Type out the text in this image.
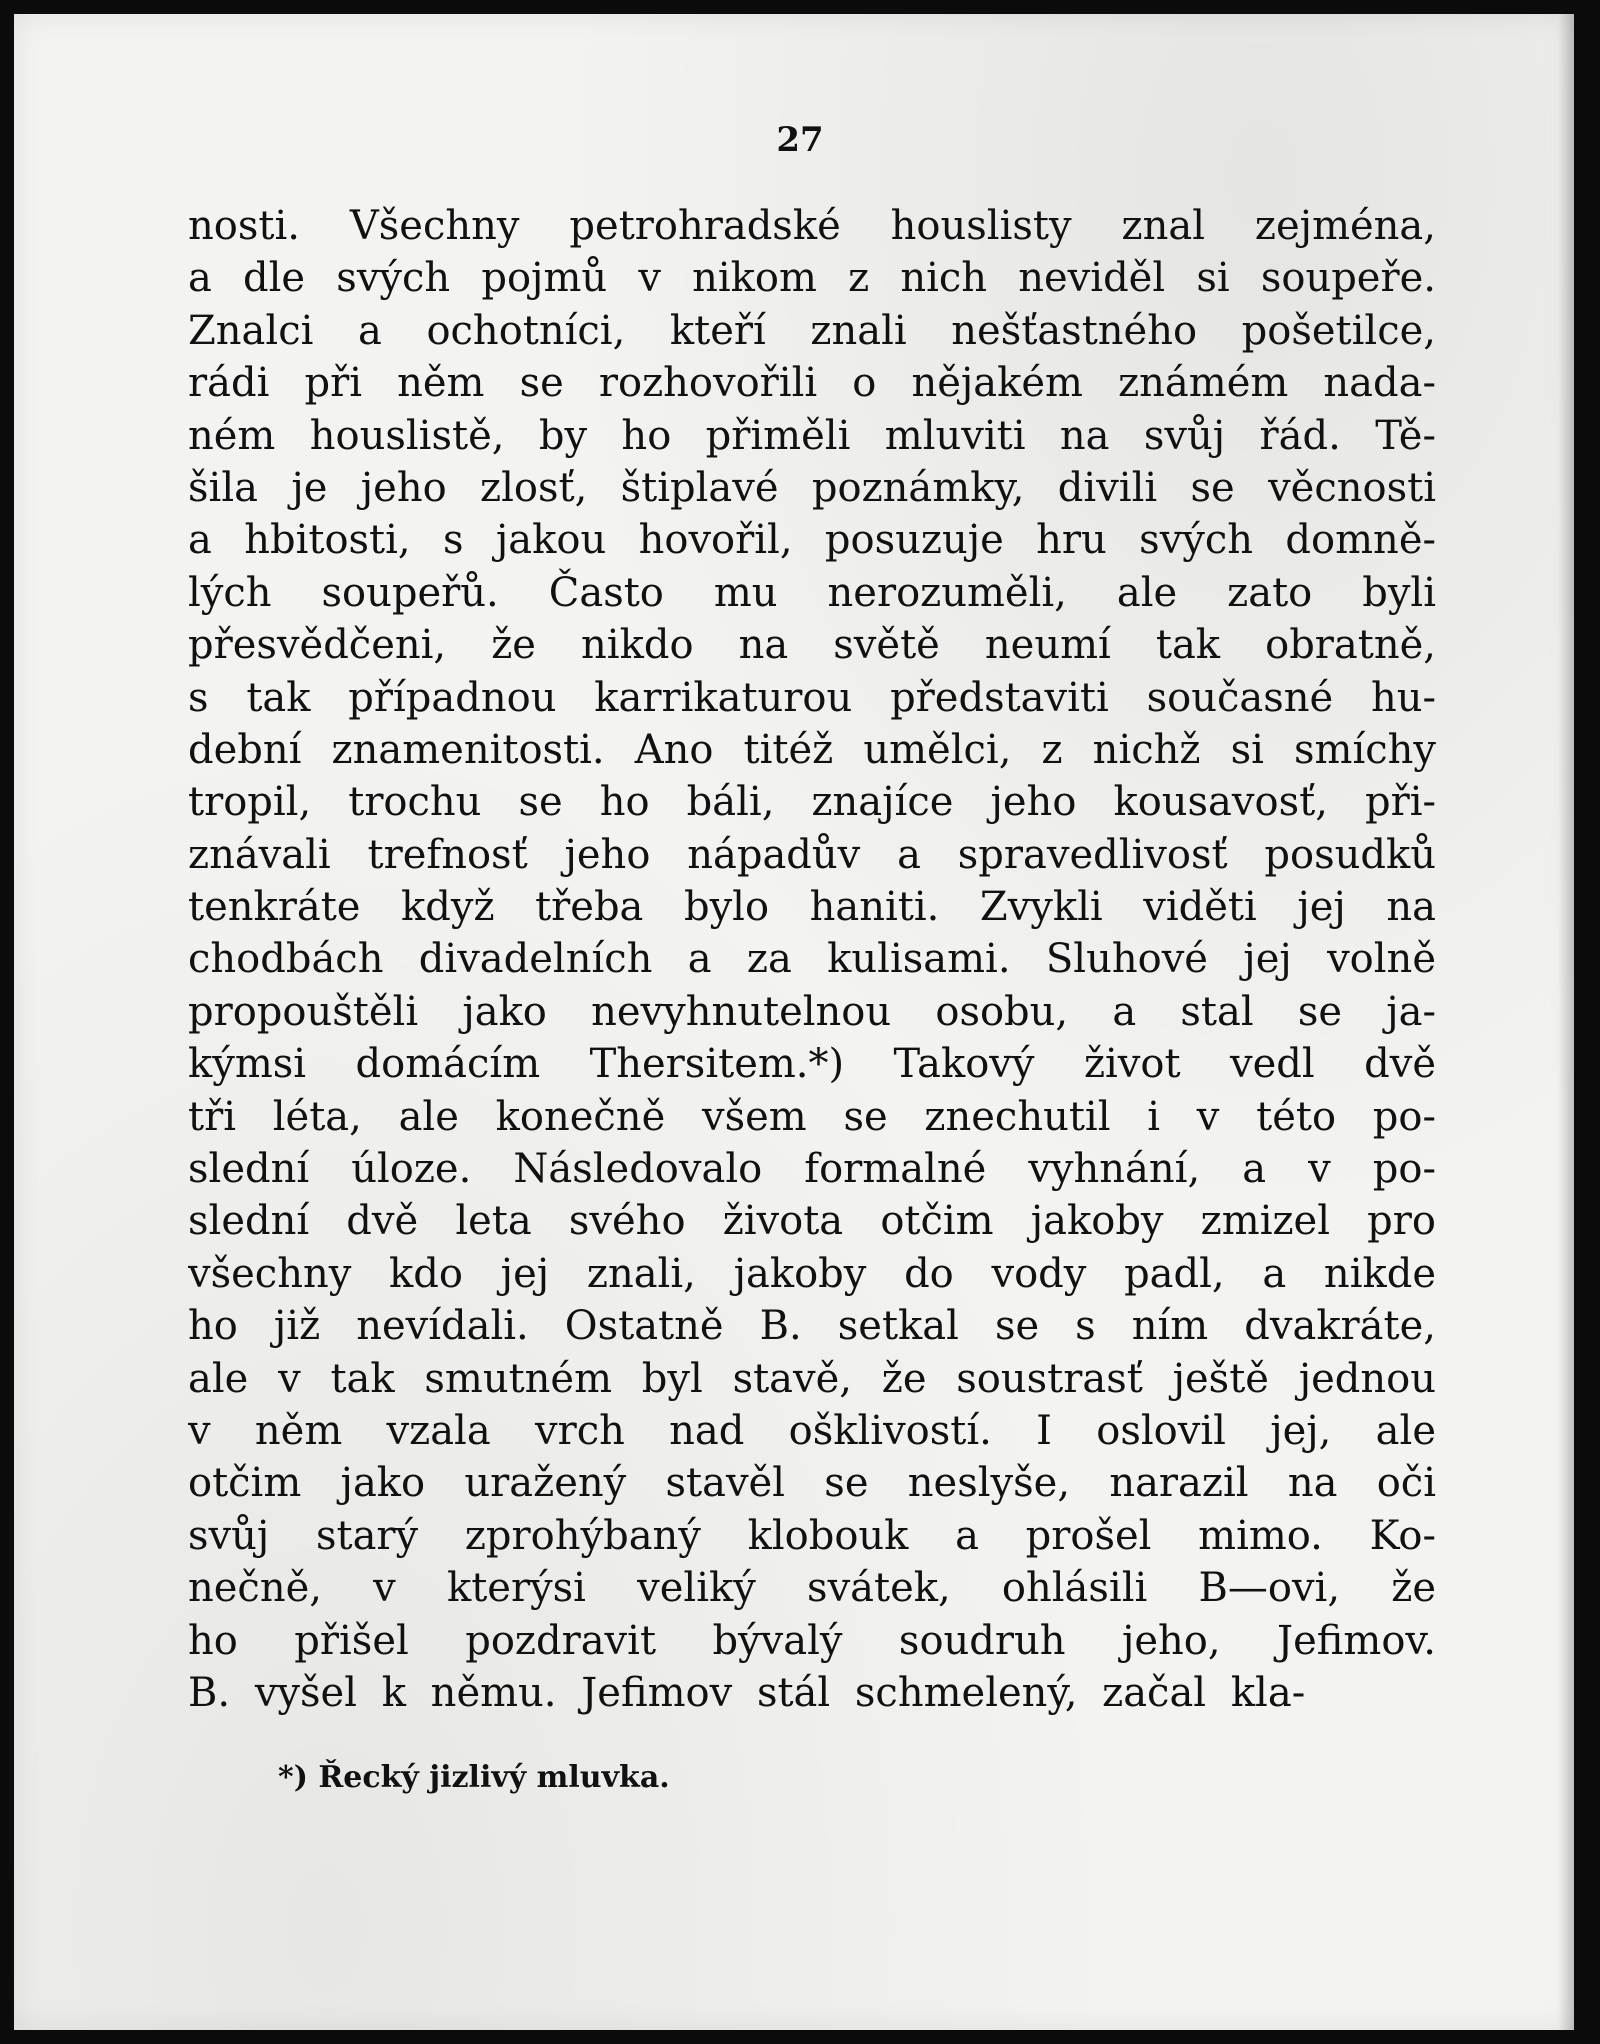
27
nosti. Všechny petrohradské houslisty znal zejména,
a dle svých pojmů v nikom z nich neviděl si soupeře.
Znalci a ochotníci, kteří znali nešťastného pošetilce,
rádi při něm se rozhovořili o nějakém známém nada-
ném houslistě, by ho přiměli mluviti na svůj řád. Tě-
šila je jeho zlosť, štiplavé poznámky, divili se věcnosti
a hbitosti, s jakou hovořil, posuzuje hru svých domně-
lých soupeřů. Často mu nerozuměli, ale zato byli
přesvědčeni, že nikdo na světě neumí tak obratně,
s tak případnou karrikaturou představiti současné hu-
dební znamenitosti. Ano titéž umělci, z nichž si smíchy
tropil, trochu se ho báli, znajíce jeho kousavosť, při-
znávali trefnosť jeho nápadův a spravedlivosť posudků
tenkráte když třeba bylo haniti. Zvykli viděti jej na
chodbách divadelních a za kulisami. Sluhové jej volně
propouštěli jako nevyhnutelnou osobu, a stal se ja-
kýmsi domácím Thersitem.*) Takový život vedl dvě
tři léta, ale konečně všem se znechutil i v této po-
slední úloze. Následovalo formalné vyhnání, a v po-
slední dvě leta svého života otčim jakoby zmizel pro
všechny kdo jej znali, jakoby do vody padl, a nikde
ho již nevídali. Ostatně B. setkal se s ním dvakráte,
ale v tak smutném byl stavě, že soustrasť ještě jednou
v něm vzala vrch nad ošklivostí. I oslovil jej, ale
otčim jako uražený stavěl se neslyše, narazil na oči
svůj starý zprohýbaný klobouk a prošel mimo. Ko-
nečně, v kterýsi veliký svátek, ohlásili B—ovi, že
ho přišel pozdravit bývalý soudruh jeho, Jefimov.
B. vyšel k němu. Jefimov stál schmelený, začal kla-
*) Řecký jizlivý mluvka.
